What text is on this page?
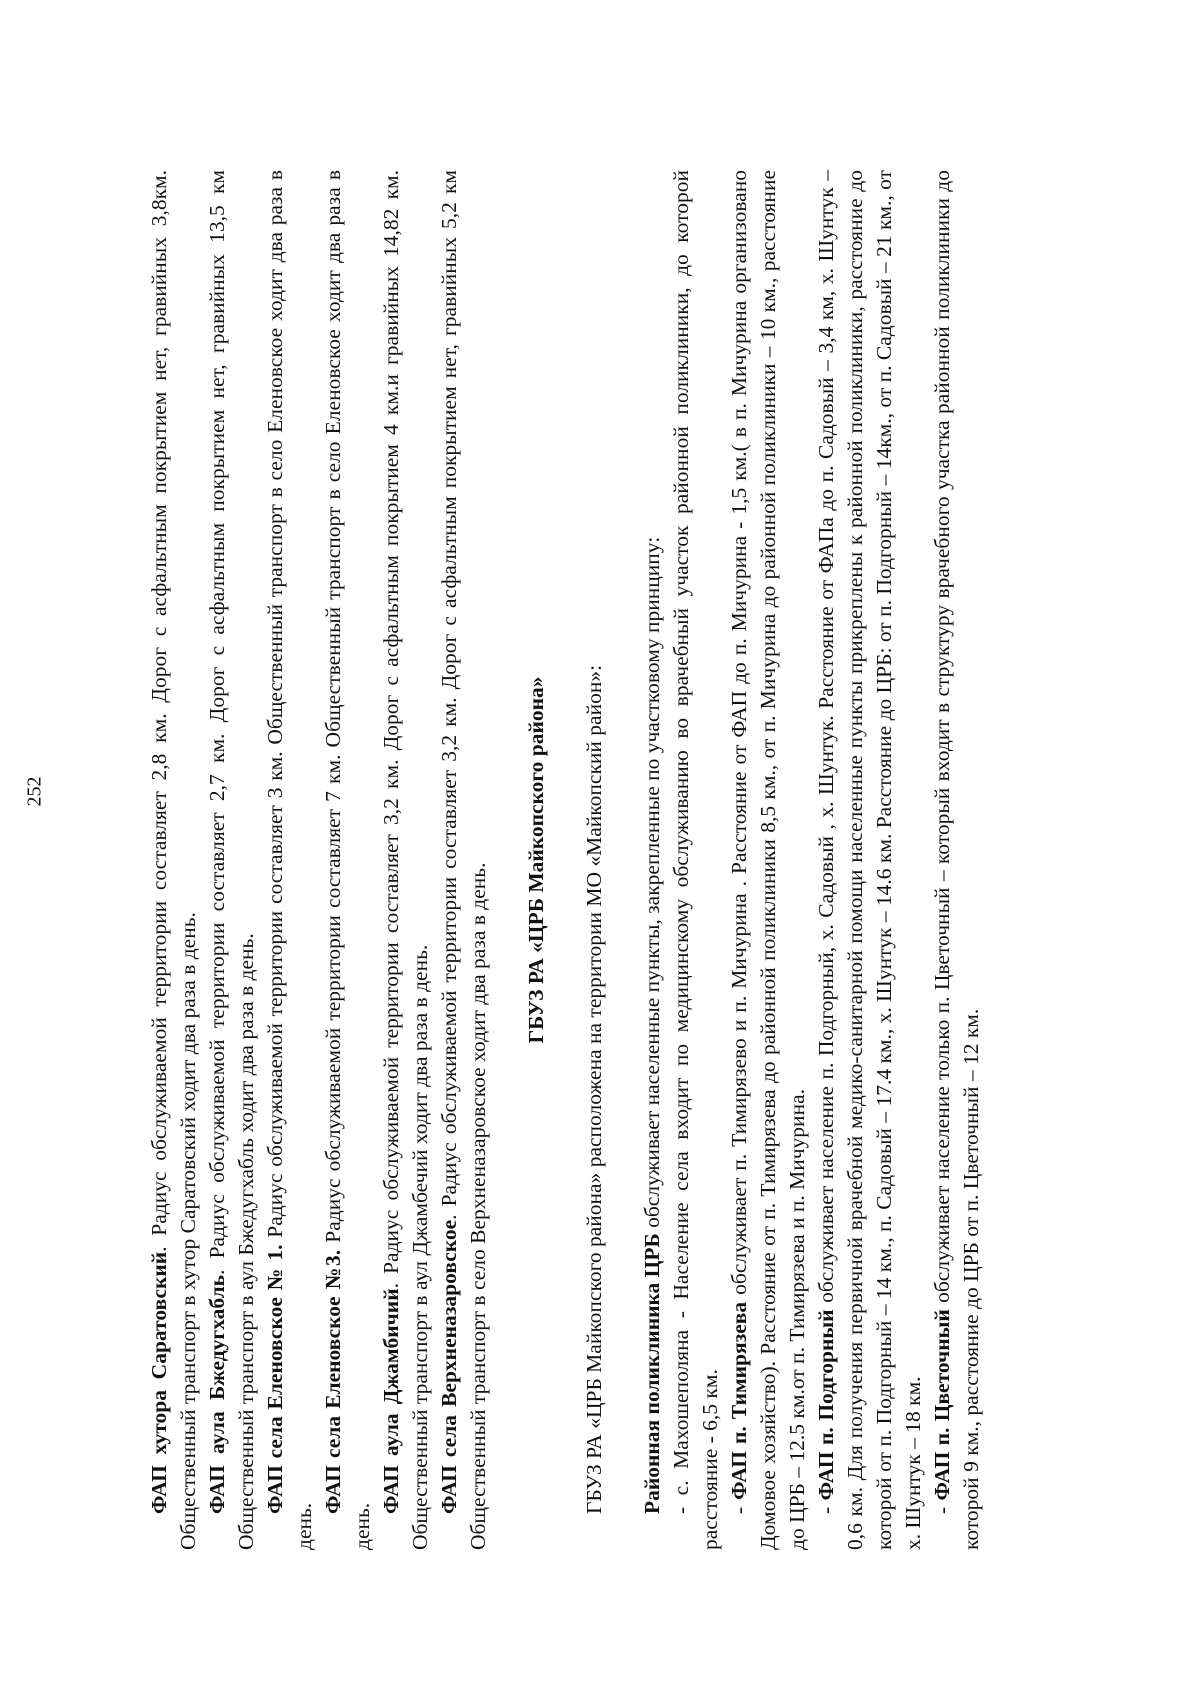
252

ФАП хутора Саратовский. Радиус обслуживаемой территории составляет 2,8 км. Дорог с асфальтным покрытием нет, гравийных 3,8км. Общественный транспорт в хутор Саратовский ходит два раза в день. ФАП аула Бжедугхабль. Радиус обслуживаемой территории составляет 2,7 км. Дорог с асфальтным покрытием нет, гравийных 13,5 км Общественный транспорт в аул Бжедугхабль ходит два раза в день. ФАП села Еленовское № 1. Радиус обслуживаемой территории составляет 3 км. Общественный транспорт в село Еленовское ходит два раза в день.

ФАП села Еленовское №3. Радиус обслуживаемой территории составляет 7 км. Общественный транспорт в село Еленовское ходит два раза в день.

ФАП аула Джамбичий. Радиус обслуживаемой территории составляет 3,2 км. Дорог с асфальтным покрытием 4 км.и гравийных 14,82 км. Общественный транспорт в аул Джамбечий ходит два раза в день. ФАП села Верхненазаровское. Радиус обслуживаемой территории составляет 3,2 км. Дорог с асфальтным покрытием нет, гравийных 5,2 км Общественный транспорт в село Верхненазаровское ходит два раза в день.

ГБУЗ РА «ЦРБ Майкопского района» ГБУЗ РА «ЦРБ Майкопского района» расположена на территории МО «Майкопский район»: Районная поликлиника ЦРБ обслуживает населенные пункты, закрепленные по участковому принципу: - с. Махошеполяна - Население села входит по медицинскому обслуживанию во врачебный участок районной поликлиники, до которой расстояние - 6,5 км. - ФАП п. Тимирязева обслуживает п. Тимирязево и п. Мичурина . Расстояние от ФАП до п. Мичурина - 1,5 км.( в п. Мичурина организовано Домовое хозяйство). Расстояние от п. Тимирязева до районной поликлиники 8,5 км., от п. Мичурина до районной поликлиники – 10 км., расстояние до ЦРБ – 12.5 км.от п. Тимирязева и п. Мичурина. - ФАП п. Подгорный обслуживает население п. Подгорный, х. Садовый , х. Шунтук. Расстояние от ФАПа до п. Садовый – 3,4 км, х. Шунтук – 0,6 км. Для получения первичной врачебной медико-санитарной помощи населенные пункты прикреплены к районной поликлиники, расстояние до которой от п. Подгорный – 14 км., п. Садовый – 17.4 км., х. Шунтук – 14.6 км. Расстояние до ЦРБ: от п. Подгорный – 14км., от п. Садовый – 21 км., от х. Шунтук – 18 км. - ФАП п. Цветочный обслуживает население только п. Цветочный – который входит в структуру врачебного участка районной поликлиники до которой 9 км., расстояние до ЦРБ от п. Цветочный – 12 км.
